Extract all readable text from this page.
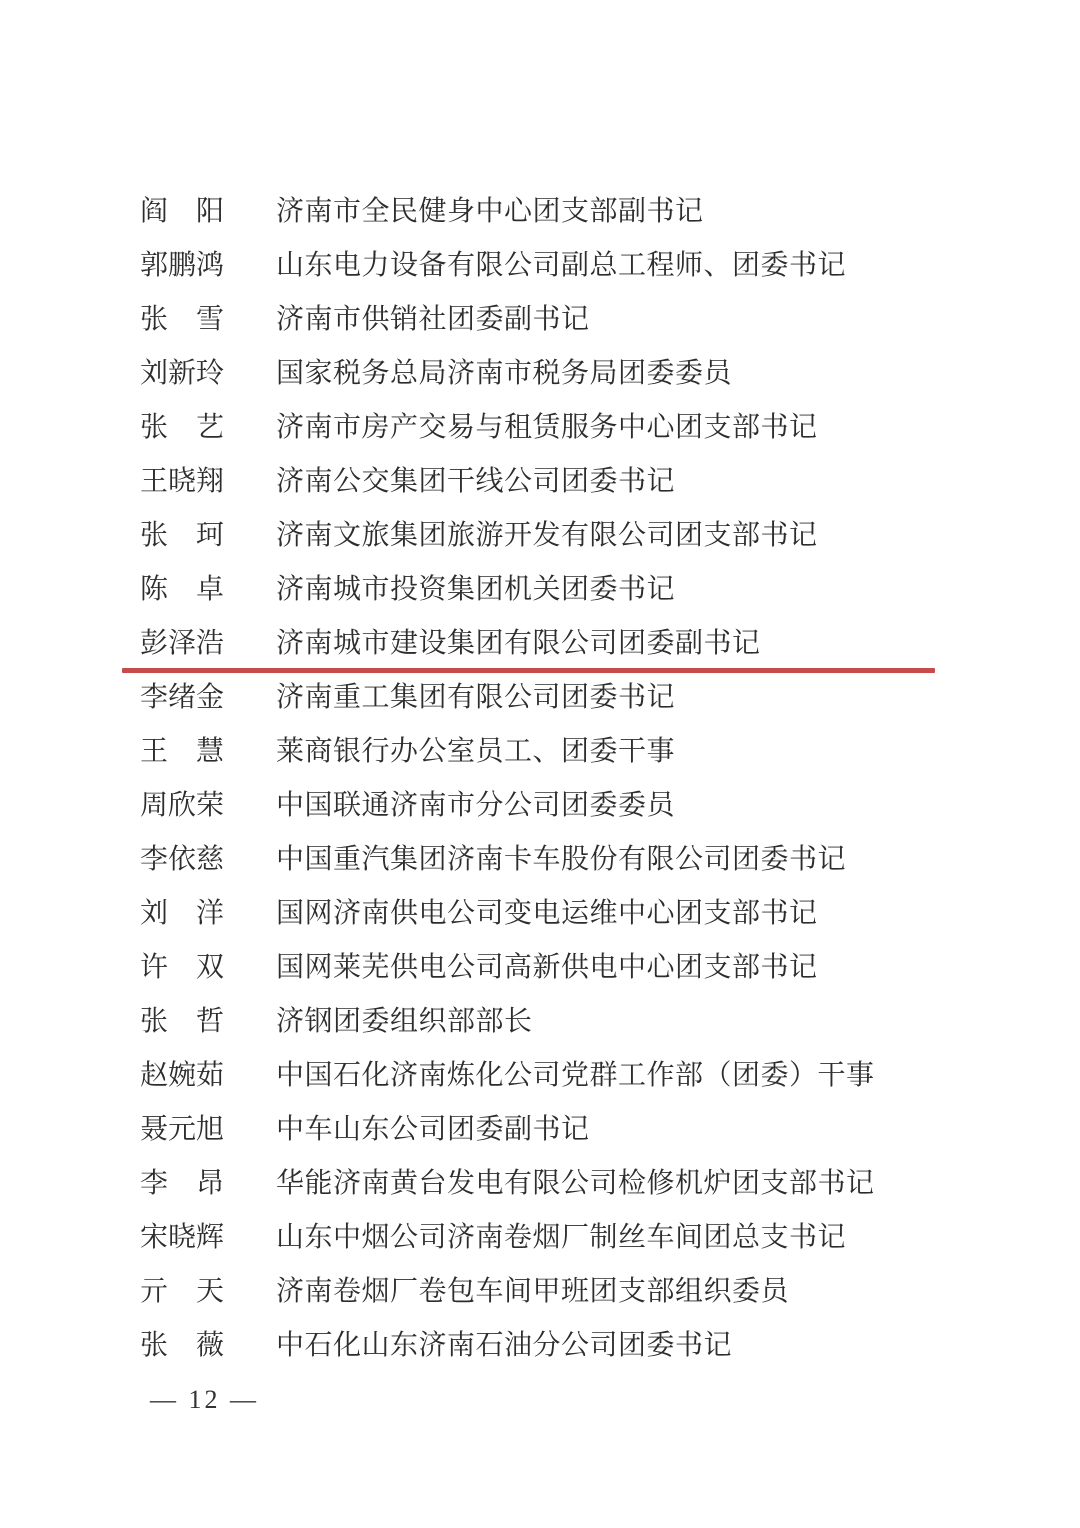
阎　阳 济南市全民健身中心团支部副书记
郭鹏鸿 山东电力设备有限公司副总工程师、团委书记
张　雪 济南市供销社团委副书记
刘新玲 国家税务总局济南市税务局团委委员
张　艺 济南市房产交易与租赁服务中心团支部书记
王晓翔 济南公交集团干线公司团委书记
张　珂 济南文旅集团旅游开发有限公司团支部书记
陈　卓 济南城市投资集团机关团委书记
彭泽浩 济南城市建设集团有限公司团委副书记
李绪金 济南重工集团有限公司团委书记
王　慧 莱商银行办公室员工、团委干事
周欣荣 中国联通济南市分公司团委委员
李依慈 中国重汽集团济南卡车股份有限公司团委书记
刘　洋 国网济南供电公司变电运维中心团支部书记
许　双 国网莱芜供电公司高新供电中心团支部书记
张　哲 济钢团委组织部部长
赵婉茹 中国石化济南炼化公司党群工作部（团委）干事
聂元旭 中车山东公司团委副书记
李　昂 华能济南黄台发电有限公司检修机炉团支部书记
宋晓辉 山东中烟公司济南卷烟厂制丝车间团总支书记
亓　天 济南卷烟厂卷包车间甲班团支部组织委员
张　薇 中石化山东济南石油分公司团委书记
— 12 —
